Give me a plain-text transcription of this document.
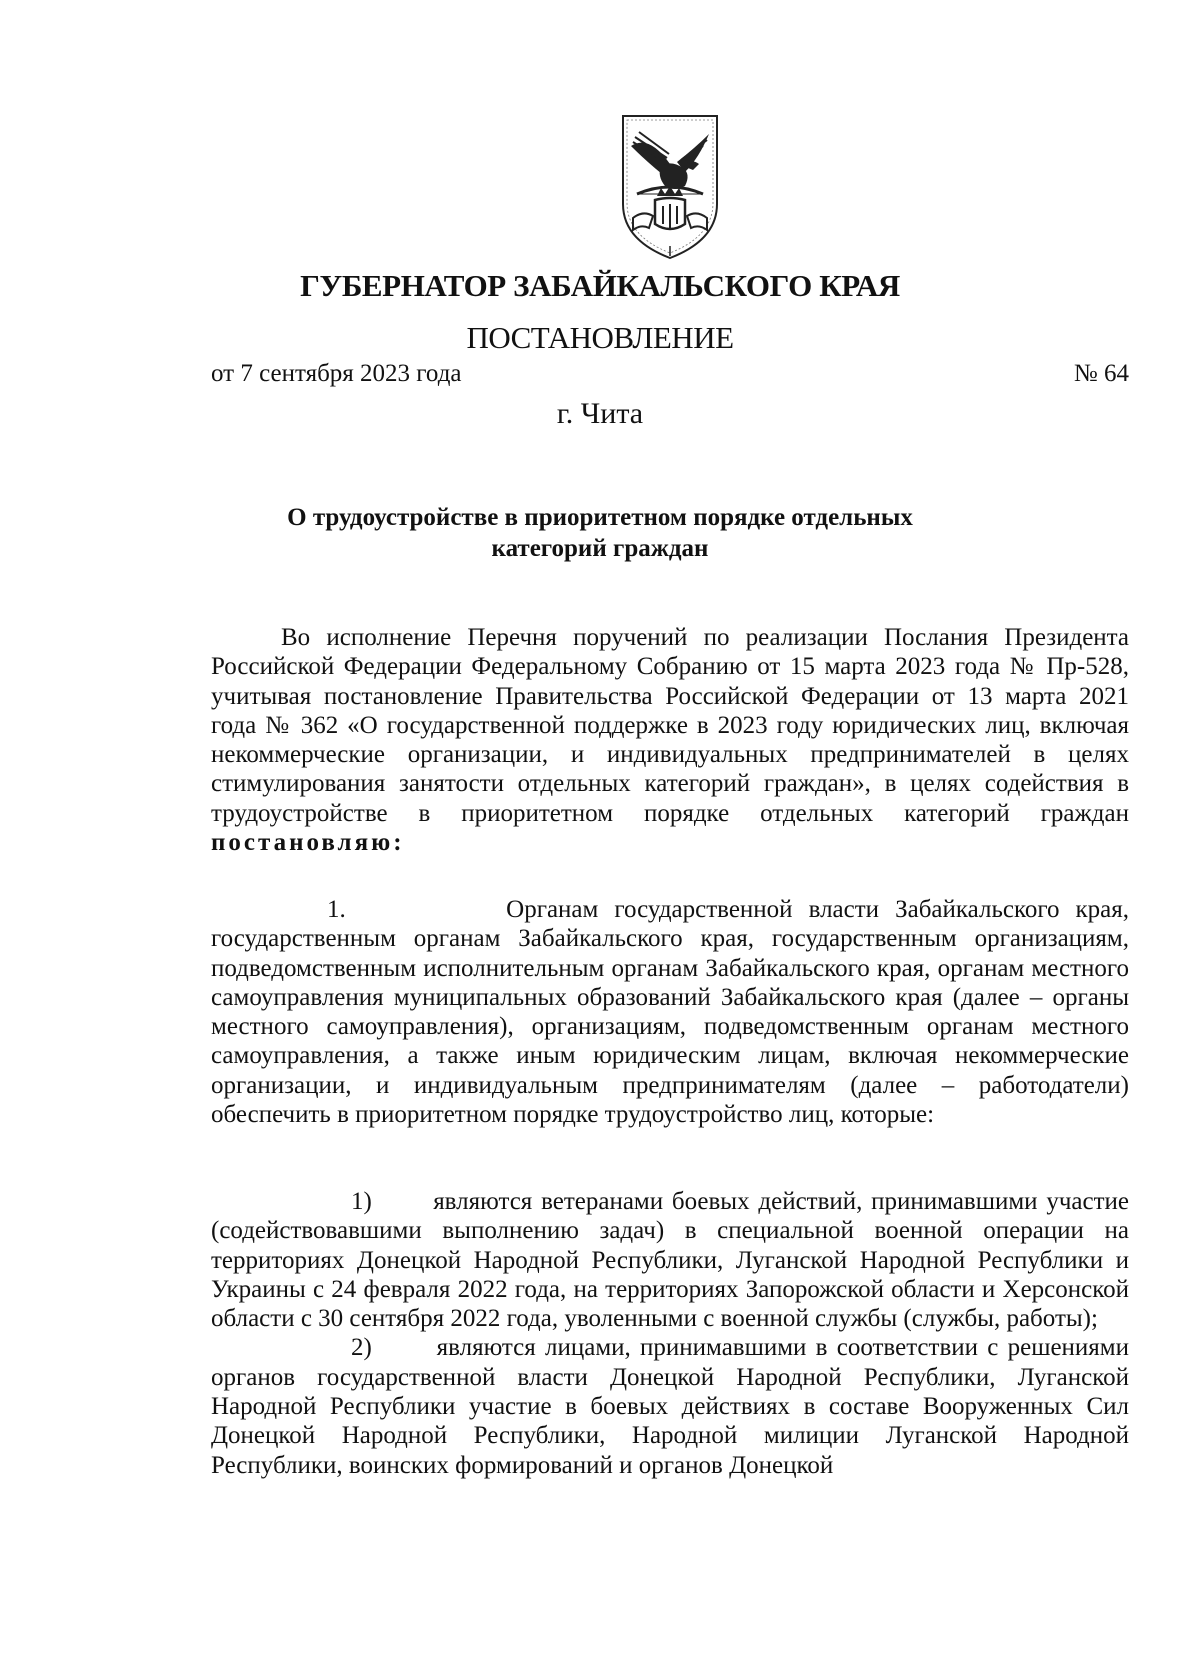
ГУБЕРНАТОР ЗАБАЙКАЛЬСКОГО КРАЯ
ПОСТАНОВЛЕНИЕ
от 7 сентября 2023 года	№ 64
г. Чита
О трудоустройстве в приоритетном порядке отдельных
категорий граждан

Во исполнение Перечня поручений по реализации Послания Президента Российской Федерации Федеральному Собранию от 15 марта 2023 года № Пр-528, учитывая постановление Правительства Российской Федерации от 13 марта 2021 года № 362 «О государственной поддержке в 2023 году юридических лиц, включая некоммерческие организации, и индивидуальных предпринимателей в целях стимулирования занятости отдельных категорий граждан», в целях содействия в трудоустройстве в приоритетном порядке отдельных категорий граждан постановляю:

1.	Органам государственной власти Забайкальского края, государственным органам Забайкальского края, государственным организациям, подведомственным исполнительным органам Забайкальского края, органам местного самоуправления муниципальных образований Забайкальского края (далее – органы местного самоуправления), организациям, подведомственным органам местного самоуправления, а также иным юридическим лицам, включая некоммерческие организации, и индивидуальным предпринимателям (далее – работодатели) обеспечить в приоритетном порядке трудоустройство лиц, которые:

1) являются ветеранами боевых действий, принимавшими участие (содействовавшими выполнению задач) в специальной военной операции на территориях Донецкой Народной Республики, Луганской Народной Республики и Украины с 24 февраля 2022 года, на территориях Запорожской области и Херсонской области с 30 сентября 2022 года, уволенными с военной службы (службы, работы);

2)	являются лицами, принимавшими в соответствии с решениями органов государственной власти Донецкой Народной Республики, Луганской Народной Республики участие в боевых действиях в составе Вооруженных Сил Донецкой Народной Республики, Народной милиции Луганской Народной Республики, воинских формирований и органов Донецкой
